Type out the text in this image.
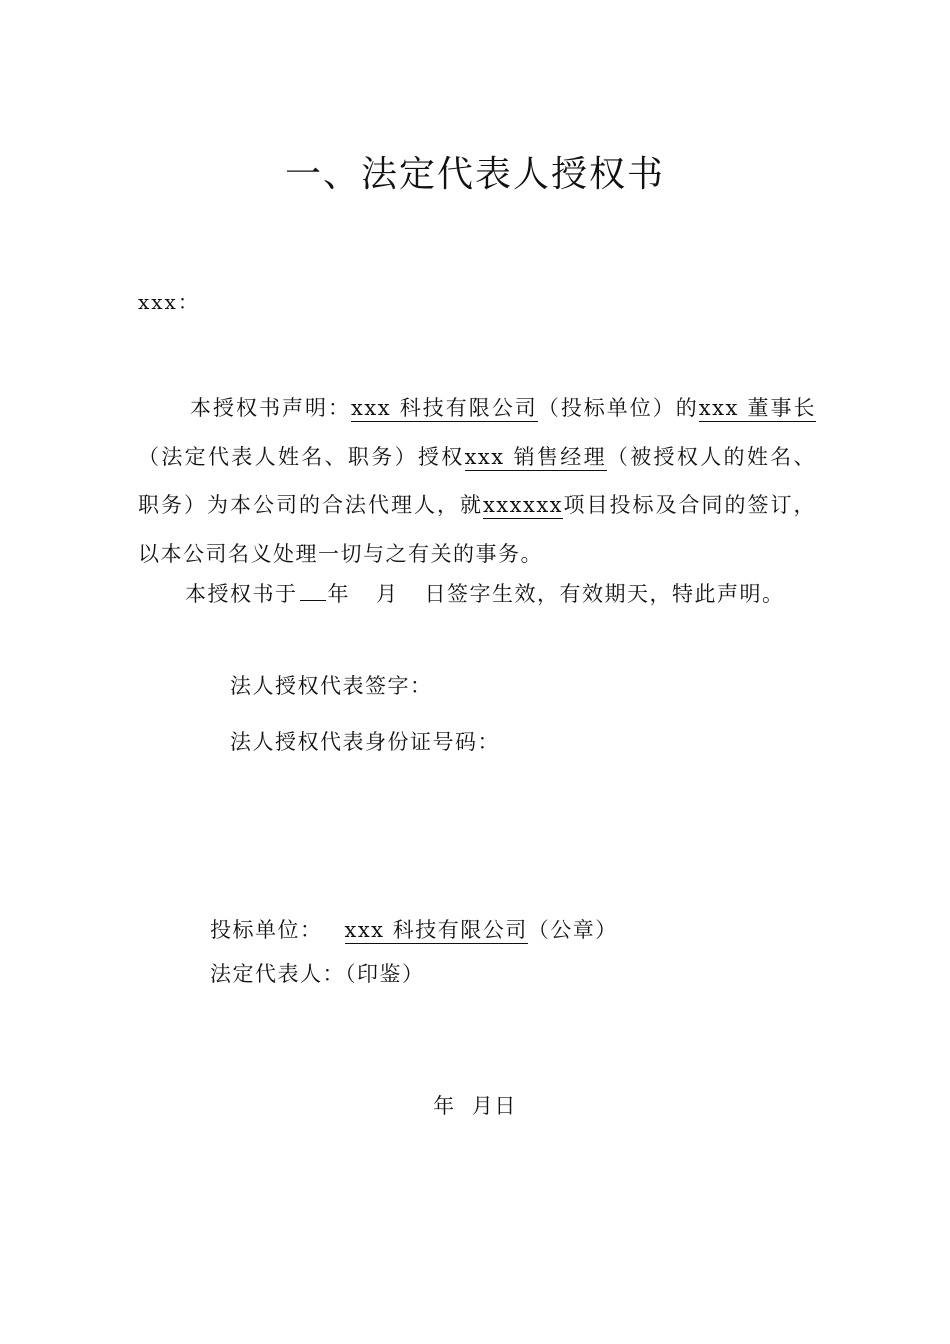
一、法定代表人授权书
xxx：

本授权书声明：xxx 科技有限公司（投标单位）的xxx 董事长（法定代表人姓名、职务）授权xxx 销售经理（被授权人的姓名、职务）为本公司的合法代理人，就xxxxxx项目投标及合同的签订，以本公司名义处理一切与之有关的事务。

本授权书于 年 月 日签字生效，有效期天，特此声明。
法人授权代表签字：
法人授权代表身份证号码：
投标单位： xxx 科技有限公司（公章）
法定代表人：（印鉴）
年  月日
